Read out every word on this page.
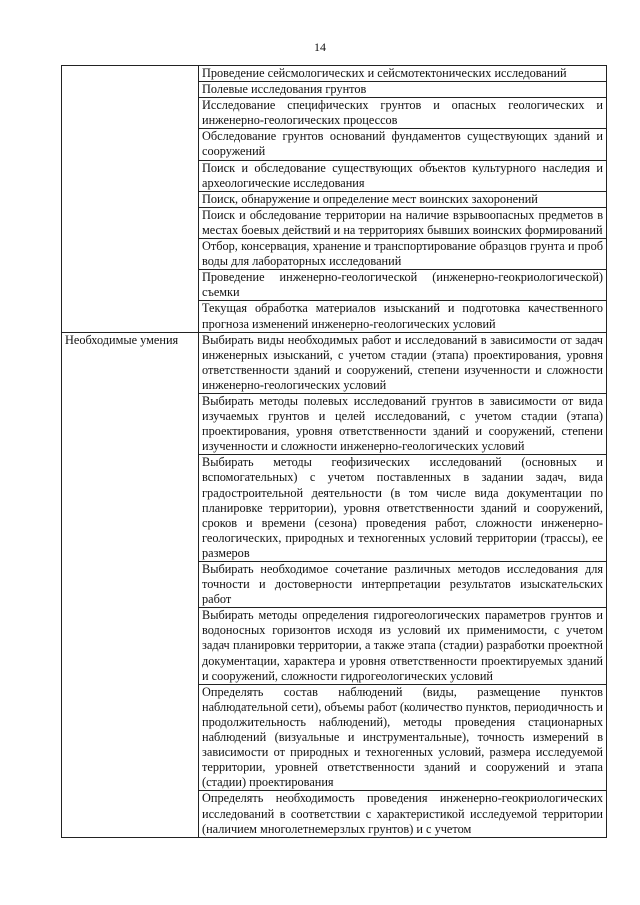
14
	Проведение сейсмологических и сейсмотектонических исследований
	Полевые исследования грунтов
	Исследование специфических грунтов и опасных геологических и инженерно-геологических процессов
	Обследование грунтов оснований фундаментов существующих зданий и сооружений
	Поиск и обследование существующих объектов культурного наследия и археологические исследования
	Поиск, обнаружение и определение мест воинских захоронений
	Поиск и обследование территории на наличие взрывоопасных предметов в местах боевых действий и на территориях бывших воинских формирований
	Отбор, консервация, хранение и транспортирование образцов грунта и проб воды для лабораторных исследований
	Проведение инженерно-геологической (инженерно-геокриологической) съемки
	Текущая обработка материалов изысканий и подготовка качественного прогноза изменений инженерно-геологических условий
Необходимые умения	Выбирать виды необходимых работ и исследований в зависимости от задач инженерных изысканий, с учетом стадии (этапа) проектирования, уровня ответственности зданий и сооружений, степени изученности и сложности инженерно-геологических условий
	Выбирать методы полевых исследований грунтов в зависимости от вида изучаемых грунтов и целей исследований, с учетом стадии (этапа) проектирования, уровня ответственности зданий и сооружений, степени изученности и сложности инженерно-геологических условий
	Выбирать методы геофизических исследований (основных и вспомогательных) с учетом поставленных в задании задач, вида градостроительной деятельности (в том числе вида документации по планировке территории), уровня ответственности зданий и сооружений, сроков и времени (сезона) проведения работ, сложности инженерно-геологических, природных и техногенных условий территории (трассы), ее размеров
	Выбирать необходимое сочетание различных методов исследования для точности и достоверности интерпретации результатов изыскательских работ
	Выбирать методы определения гидрогеологических параметров грунтов и водоносных горизонтов исходя из условий их применимости, с учетом задач планировки территории, а также этапа (стадии) разработки проектной документации, характера и уровня ответственности проектируемых зданий и сооружений, сложности гидрогеологических условий
	Определять состав наблюдений (виды, размещение пунктов наблюдательной сети), объемы работ (количество пунктов, периодичность и продолжительность наблюдений), методы проведения стационарных наблюдений (визуальные и инструментальные), точность измерений в зависимости от природных и техногенных условий, размера исследуемой территории, уровней ответственности зданий и сооружений и этапа (стадии) проектирования
	Определять необходимость проведения инженерно-геокриологических исследований в соответствии с характеристикой исследуемой территории (наличием многолетнемерзлых грунтов) и с учетом
